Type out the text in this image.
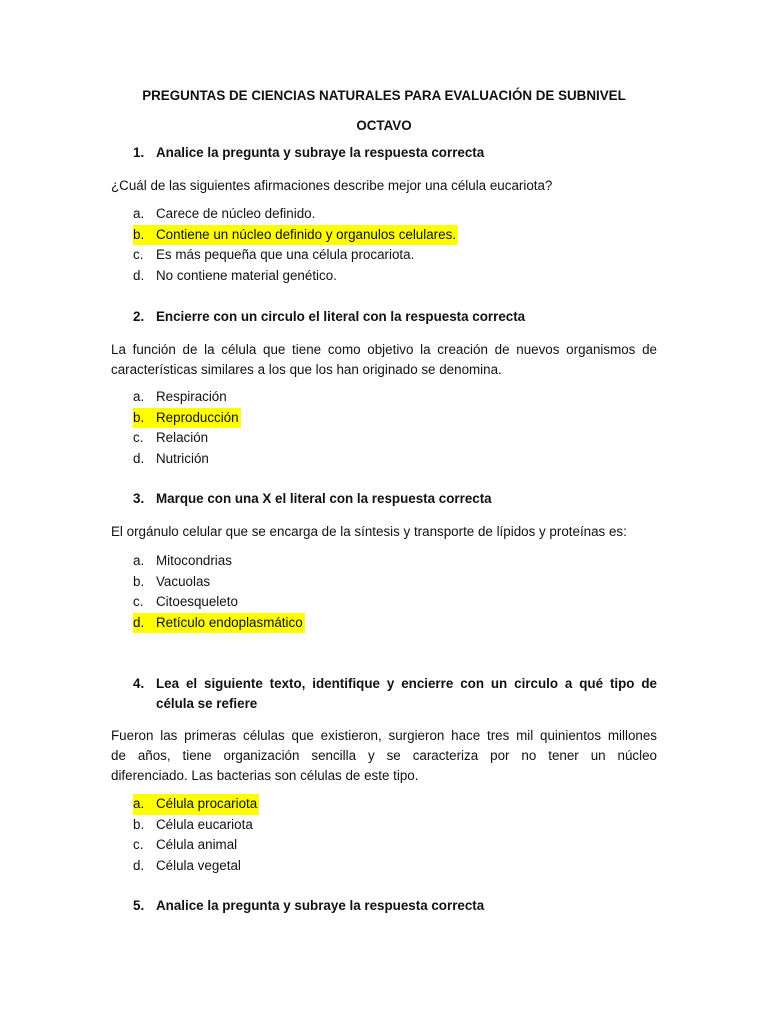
PREGUNTAS DE CIENCIAS NATURALES PARA EVALUACIÓN DE SUBNIVEL
OCTAVO
1. Analice la pregunta y subraye la respuesta correcta
¿Cuál de las siguientes afirmaciones describe mejor una célula eucariota?
a. Carece de núcleo definido.
b. Contiene un núcleo definido y organulos celulares.
c. Es más pequeña que una célula procariota.
d. No contiene material genético.
2. Encierre con un circulo el literal con la respuesta correcta
La función de la célula que tiene como objetivo la creación de nuevos organismos de
características similares a los que los han originado se denomina.
a. Respiración
b. Reproducción
c. Relación
d. Nutrición
3. Marque con una X el literal con la respuesta correcta
El orgánulo celular que se encarga de la síntesis y transporte de lípidos y proteínas es:
a. Mitocondrias
b. Vacuolas
c. Citoesqueleto
d. Retículo endoplasmático
4. Lea el siguiente texto, identifique y encierre con un circulo a qué tipo de
célula se refiere
Fueron las primeras células que existieron, surgieron hace tres mil quinientos millones
de años, tiene organización sencilla y se caracteriza por no tener un núcleo
diferenciado. Las bacterias son células de este tipo.
a. Célula procariota
b. Célula eucariota
c. Célula animal
d. Célula vegetal
5. Analice la pregunta y subraye la respuesta correcta
